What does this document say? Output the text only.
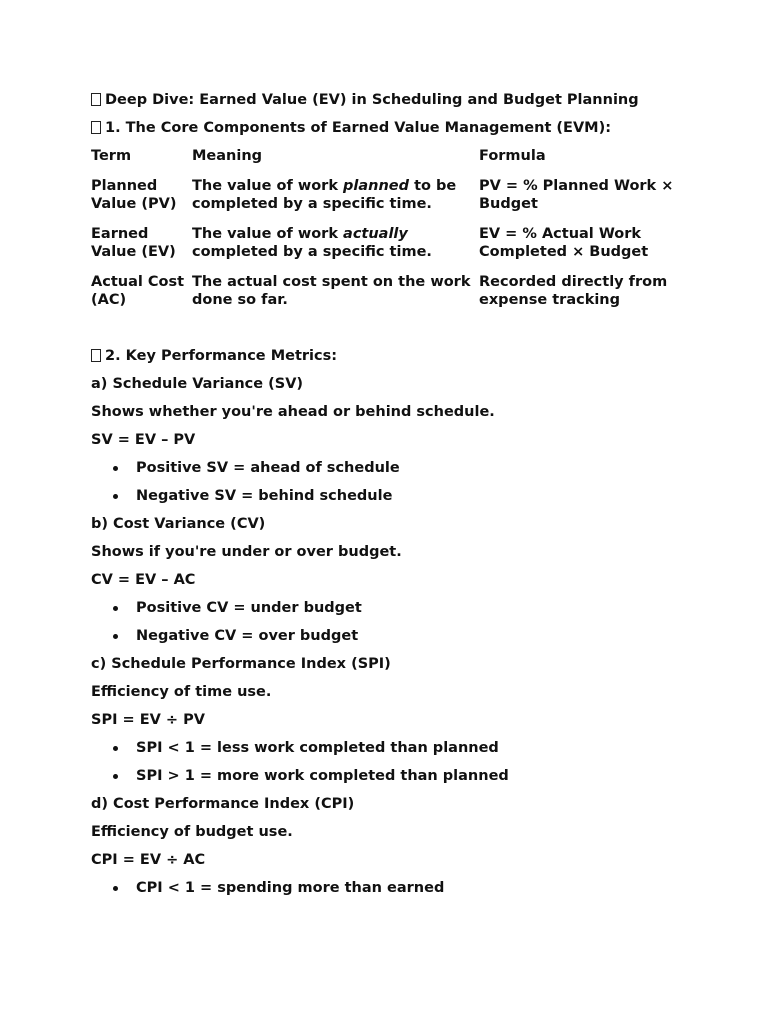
Deep Dive: Earned Value (EV) in Scheduling and Budget Planning
1. The Core Components of Earned Value Management (EVM):
Term	Meaning	Formula
Planned Value (PV)	The value of work planned to be completed by a specific time.	PV = % Planned Work × Budget
Earned Value (EV)	The value of work actually completed by a specific time.	EV = % Actual Work Completed × Budget
Actual Cost (AC)	The actual cost spent on the work done so far.	Recorded directly from expense tracking
2. Key Performance Metrics:
a) Schedule Variance (SV)
Shows whether you're ahead or behind schedule.
SV = EV – PV
Positive SV = ahead of schedule
Negative SV = behind schedule
b) Cost Variance (CV)
Shows if you're under or over budget.
CV = EV – AC
Positive CV = under budget
Negative CV = over budget
c) Schedule Performance Index (SPI)
Efficiency of time use.
SPI = EV ÷ PV
SPI < 1 = less work completed than planned
SPI > 1 = more work completed than planned
d) Cost Performance Index (CPI)
Efficiency of budget use.
CPI = EV ÷ AC
CPI < 1 = spending more than earned
